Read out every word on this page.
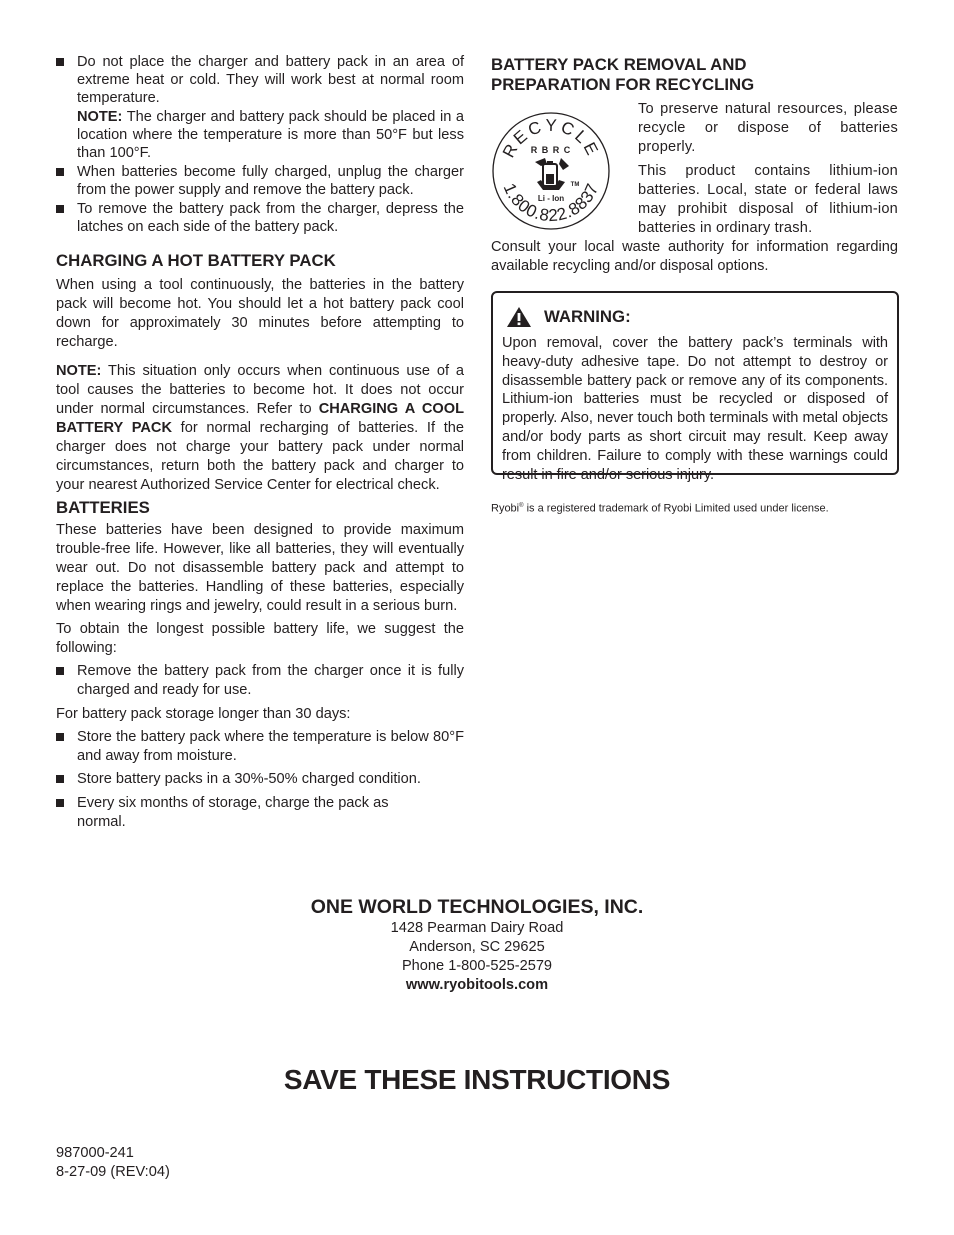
Do not place the charger and battery pack in an area of extreme heat or cold. They will work best at normal room temperature.
NOTE: The charger and battery pack should be placed in a location where the temperature is more than 50°F but less than 100°F.
When batteries become fully charged, unplug the charger from the power supply and remove the battery pack.
To remove the battery pack from the charger, depress the latches on each side of the battery pack.
CHARGING A HOT BATTERY PACK

When using a tool continuously, the batteries in the battery pack will become hot. You should let a hot battery pack cool down for approximately 30 minutes before attempting to recharge.

NOTE: This situation only occurs when continuous use of a tool causes the batteries to become hot. It does not occur under normal circumstances. Refer to CHARGING A COOL BATTERY PACK for normal recharging of batteries. If the charger does not charge your battery pack under normal circumstances, return both the battery pack and charger to your nearest Authorized Service Center for electrical check.

BATTERIES

These batteries have been designed to provide maximum trouble-free life. However, like all batteries, they will eventually wear out. Do not disassemble battery pack and attempt to replace the batteries. Handling of these batteries, especially when wearing rings and jewelry, could result in a serious burn.

To obtain the longest possible battery life, we suggest the following:

Remove the battery pack from the charger once it is fully charged and ready for use.

For battery pack storage longer than 30 days:

Store the battery pack where the temperature is below 80°F and away from moisture.
Store battery packs in a 30%-50% charged condition.
Every six months of storage, charge the pack as normal.
BATTERY PACK REMOVAL AND
PREPARATION FOR RECYCLING
RECYCLE
1.800.822.8837
R B R C
TM
Li - Ion

To preserve natural resources, please recycle or dispose of batteries properly.

This product contains lithium-ion batteries. Local, state or federal laws may prohibit disposal of lithium-ion batteries in ordinary trash.

Consult your local waste authority for information regarding available recycling and/or disposal options.

WARNING:

Upon removal, cover the battery pack’s terminals with heavy-duty adhesive tape. Do not attempt to destroy or disassemble battery pack or remove any of its components. Lithium-ion batteries must be recycled or disposed of properly. Also, never touch both terminals with metal objects and/or body parts as short circuit may result. Keep away from children. Failure to comply with these warnings could result in fire and/or serious injury.

Ryobi® is a registered trademark of Ryobi Limited used under license.
ONE WORLD TECHNOLOGIES, INC.
1428 Pearman Dairy Road
Anderson, SC 29625
Phone 1-800-525-2579
www.ryobitools.com
SAVE THESE INSTRUCTIONS
987000-241
8-27-09 (REV:04)
